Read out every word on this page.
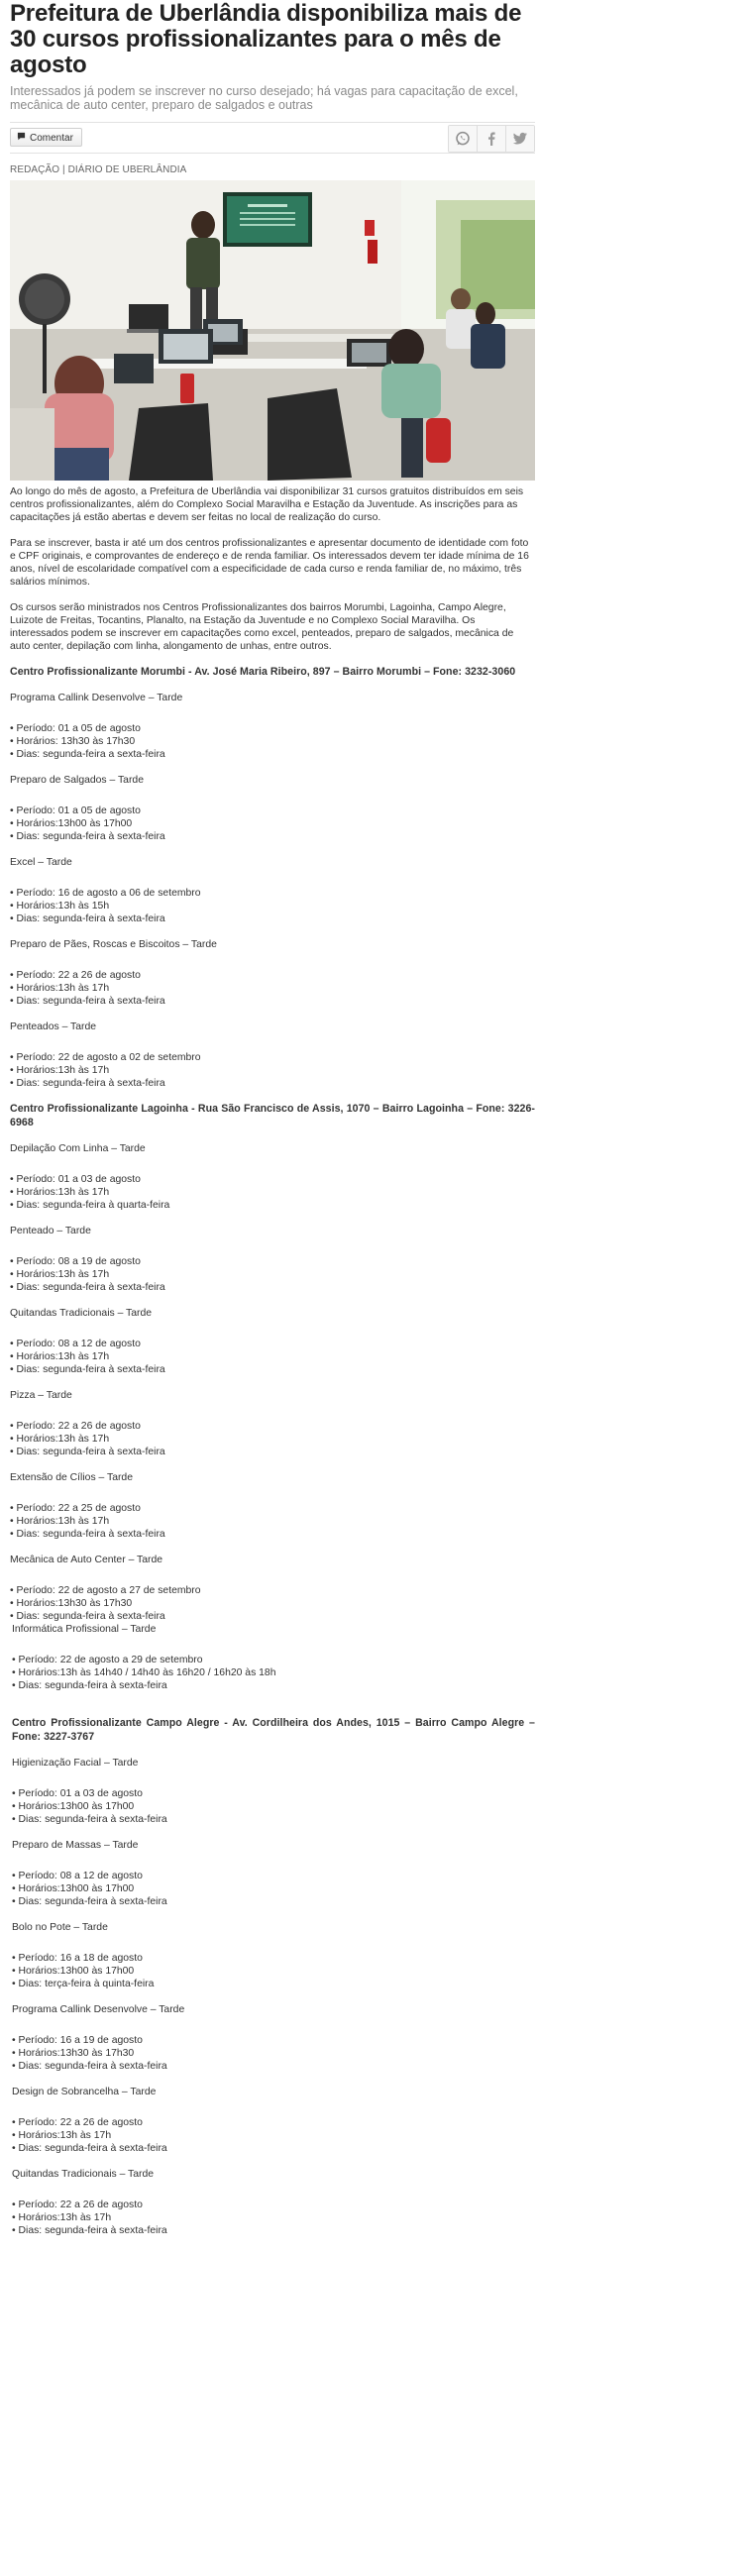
Prefeitura de Uberlândia disponibiliza mais de 30 cursos profissionalizantes para o mês de agosto

Interessados já podem se inscrever no curso desejado; há vagas para capacitação de excel, mecânica de auto center, preparo de salgados e outras

Comentar
REDAÇÃO | DIÁRIO DE UBERLÂNDIA

Ao longo do mês de agosto, a Prefeitura de Uberlândia vai disponibilizar 31 cursos gratuitos distribuídos em seis centros profissionalizantes, além do Complexo Social Maravilha e Estação da Juventude. As inscrições para as capacitações já estão abertas e devem ser feitas no local de realização do curso.

Para se inscrever, basta ir até um dos centros profissionalizantes e apresentar documento de identidade com foto e CPF originais, e comprovantes de endereço e de renda familiar. Os interessados devem ter idade mínima de 16 anos, nível de escolaridade compatível com a especificidade de cada curso e renda familiar de, no máximo, três salários mínimos.

Os cursos serão ministrados nos Centros Profissionalizantes dos bairros Morumbi, Lagoinha, Campo Alegre, Luizote de Freitas, Tocantins, Planalto, na Estação da Juventude e no Complexo Social Maravilha. Os interessados podem se inscrever em capacitações como excel, penteados, preparo de salgados, mecânica de auto center, depilação com linha, alongamento de unhas, entre outros.

Centro Profissionalizante Morumbi - Av. José Maria Ribeiro, 897 – Bairro Morumbi – Fone: 3232-3060

Programa Callink Desenvolve – Tarde
• Período: 01 a 05 de agosto
• Horários: 13h30 às 17h30
• Dias: segunda-feira a sexta-feira
Preparo de Salgados – Tarde
• Período: 01 a 05 de agosto
• Horários:13h00 às 17h00
• Dias: segunda-feira à sexta-feira
Excel – Tarde
• Período: 16 de agosto a 06 de setembro
• Horários:13h às 15h
• Dias: segunda-feira à sexta-feira
Preparo de Pães, Roscas e Biscoitos – Tarde
• Período: 22 a 26 de agosto
• Horários:13h às 17h
• Dias: segunda-feira à sexta-feira
Penteados – Tarde
• Período: 22 de agosto a 02 de setembro
• Horários:13h às 17h
• Dias: segunda-feira à sexta-feira

Centro Profissionalizante Lagoinha - Rua São Francisco de Assis, 1070 – Bairro Lagoinha – Fone: 3226-6968

Depilação Com Linha – Tarde
• Período: 01 a 03 de agosto
• Horários:13h às 17h
• Dias: segunda-feira à quarta-feira
Penteado – Tarde
• Período: 08 a 19 de agosto
• Horários:13h às 17h
• Dias: segunda-feira à sexta-feira
Quitandas Tradicionais – Tarde
• Período: 08 a 12 de agosto
• Horários:13h às 17h
• Dias: segunda-feira à sexta-feira
Pizza – Tarde
• Período: 22 a 26 de agosto
• Horários:13h às 17h
• Dias: segunda-feira à sexta-feira
Extensão de Cílios – Tarde
• Período: 22 a 25 de agosto
• Horários:13h às 17h
• Dias: segunda-feira à sexta-feira
Mecânica de Auto Center – Tarde
• Período: 22 de agosto a 27 de setembro
• Horários:13h30 às 17h30
• Dias: segunda-feira à sexta-feira
Informática Profissional – Tarde
• Período: 22 de agosto a 29 de setembro
• Horários:13h às 14h40 / 14h40 às 16h20 / 16h20 às 18h
• Dias: segunda-feira à sexta-feira

Centro Profissionalizante Campo Alegre - Av. Cordilheira dos Andes, 1015 – Bairro Campo Alegre – Fone: 3227-3767

Higienização Facial – Tarde
• Período: 01 a 03 de agosto
• Horários:13h00 às 17h00
• Dias: segunda-feira à sexta-feira
Preparo de Massas – Tarde
• Período: 08 a 12 de agosto
• Horários:13h00 às 17h00
• Dias: segunda-feira à sexta-feira
Bolo no Pote – Tarde
• Período: 16 a 18 de agosto
• Horários:13h00 às 17h00
• Dias: terça-feira à quinta-feira
Programa Callink Desenvolve – Tarde
• Período: 16 a 19 de agosto
• Horários:13h30 às 17h30
• Dias: segunda-feira à sexta-feira
Design de Sobrancelha – Tarde
• Período: 22 a 26 de agosto
• Horários:13h às 17h
• Dias: segunda-feira à sexta-feira
Quitandas Tradicionais – Tarde
• Período: 22 a 26 de agosto
• Horários:13h às 17h
• Dias: segunda-feira à sexta-feira
